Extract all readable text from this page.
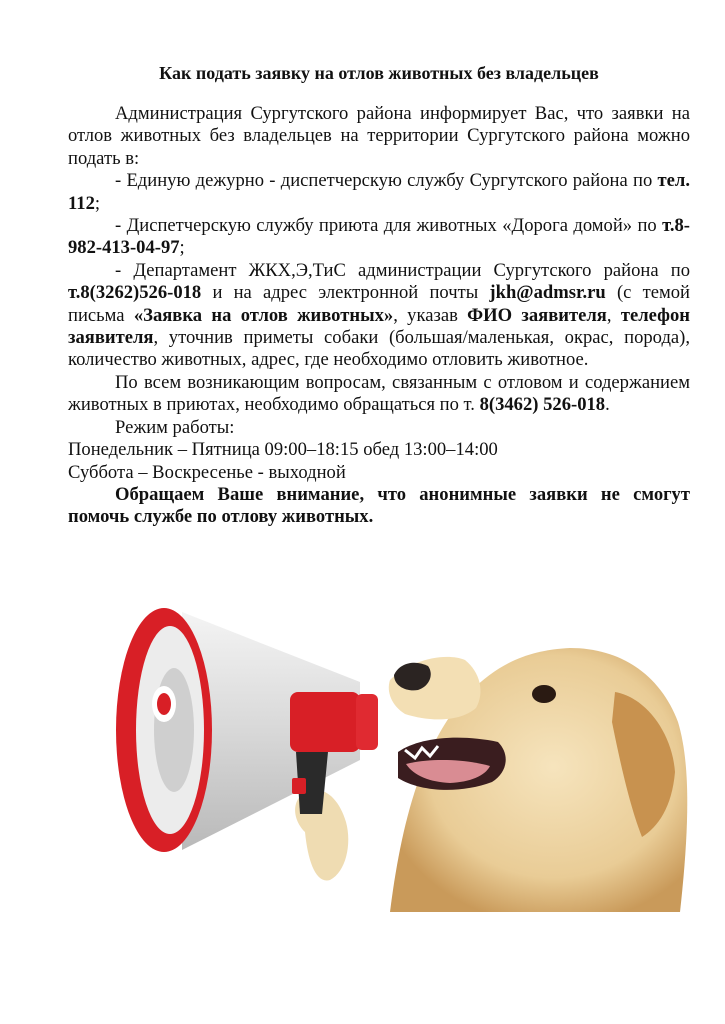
Как подать заявку на отлов животных без владельцев

Администрация Сургутского района информирует Вас, что заявки на отлов животных без владельцев на территории Сургутского района можно подать в:

- Единую дежурно - диспетчерскую службу Сургутского района по тел. 112;

- Диспетчерскую службу приюта для животных «Дорога домой» по т.8-982-413-04-97;

- Департамент ЖКХ,Э,ТиС администрации Сургутского района по т.8(3262)526-018 и на адрес электронной почты jkh@admsr.ru (с темой письма «Заявка на отлов животных», указав ФИО заявителя, телефон заявителя, уточнив приметы собаки (большая/маленькая, окрас, порода), количество животных, адрес, где необходимо отловить животное.

По всем возникающим вопросам, связанным с отловом и содержанием животных в приютах, необходимо обращаться по т. 8(3462) 526-018.

Режим работы:

Понедельник – Пятница 09:00–18:15 обед 13:00–14:00

Суббота – Воскресенье - выходной

Обращаем Ваше внимание, что анонимные заявки не смогут помочь службе по отлову животных.
